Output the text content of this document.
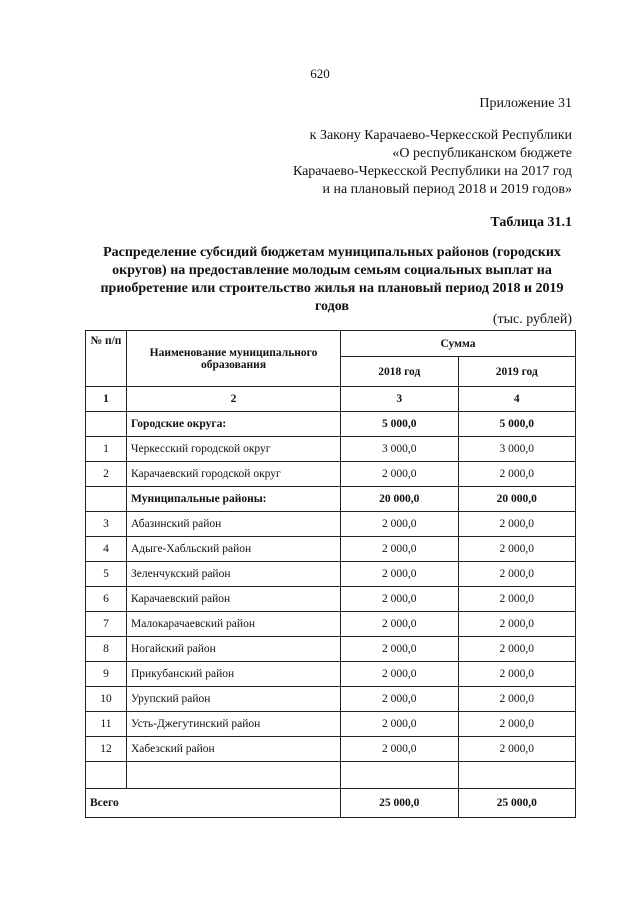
620
Приложение 31
к Закону Карачаево-Черкесской Республики
«О республиканском бюджете
Карачаево-Черкесской Республики на 2017 год
и на плановый период 2018 и 2019 годов»
Таблица 31.1
Распределение субсидий бюджетам муниципальных районов (городских округов) на предоставление молодым семьям социальных выплат на приобретение или строительство жилья на плановый период 2018 и 2019 годов
(тыс. рублей)
№ п/п	Наименование муниципального образования	Сумма	
		2018 год	2019 год
1	2	3	4
	Городские округа:	5 000,0	5 000,0
1	Черкесский городской округ	3 000,0	3 000,0
2	Карачаевский городской округ	2 000,0	2 000,0
	Муниципальные районы:	20 000,0	20 000,0
3	Абазинский район	2 000,0	2 000,0
4	Адыге-Хабльский район	2 000,0	2 000,0
5	Зеленчукский район	2 000,0	2 000,0
6	Карачаевский район	2 000,0	2 000,0
7	Малокарачаевский район	2 000,0	2 000,0
8	Ногайский район	2 000,0	2 000,0
9	Прикубанский район	2 000,0	2 000,0
10	Урупский район	2 000,0	2 000,0
11	Усть-Джегутинский район	2 000,0	2 000,0
12	Хабезский район	2 000,0	2 000,0

Всего		25 000,0	25 000,0
